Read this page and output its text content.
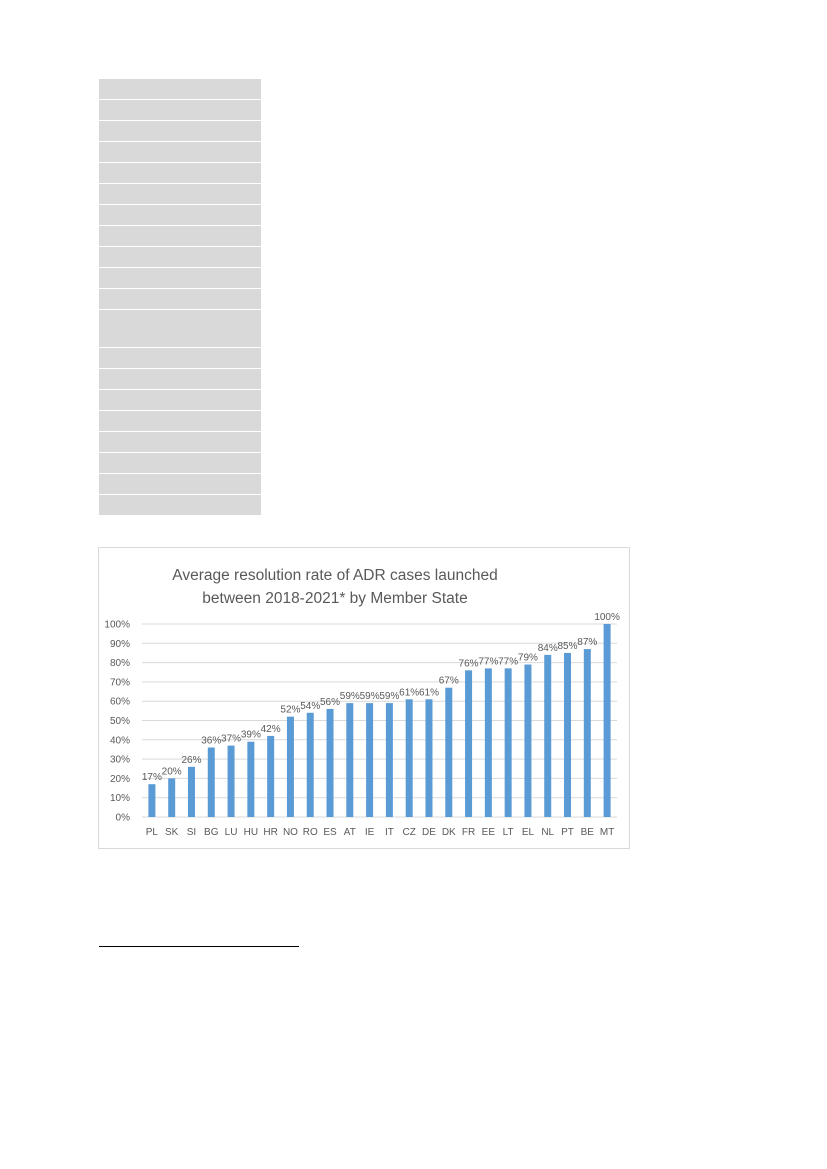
Average resolution rate of ADR cases launched
between 2018-2021* by Member State
0%
10%
20%
30%
40%
50%
60%
70%
80%
90%
100%
17%
20%
26%
36% 37% 39%
42%
52% 54% 56%
59% 59% 59% 61% 61%
67%
76% 77% 77% 79%
84% 85% 87%
100%
PL SK SI BG LU HU HR NO RO ES AT IE IT CZ DE DK FR EE LT EL NL PT BE MT
